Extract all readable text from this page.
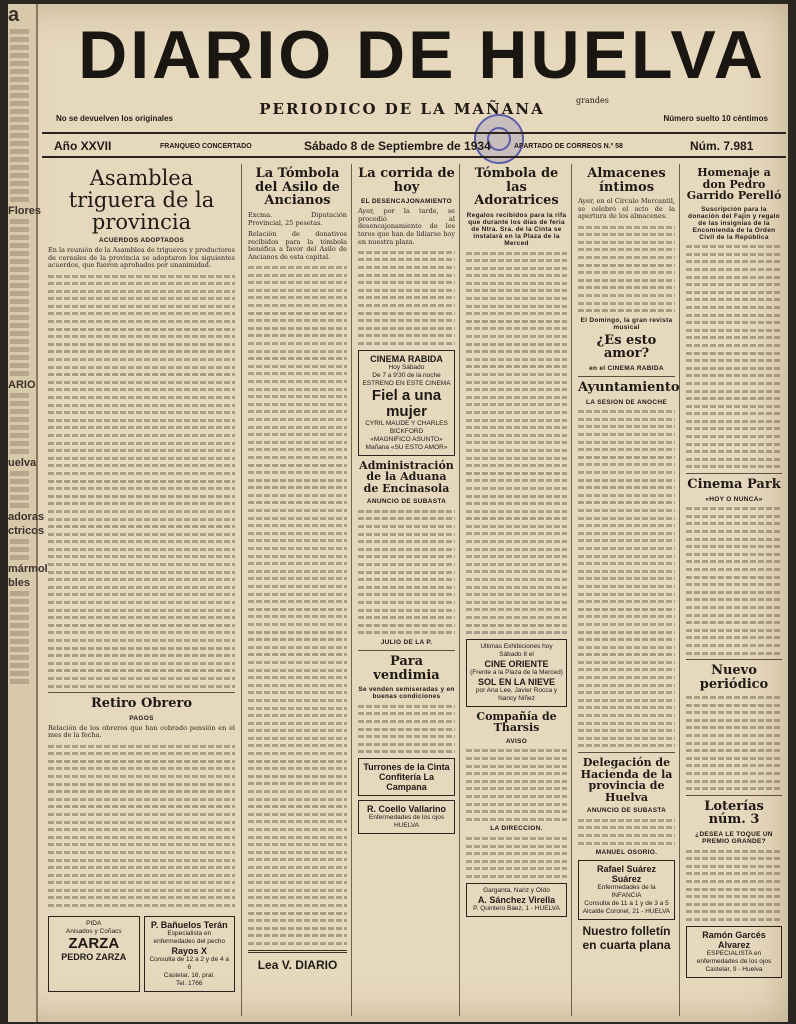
a
Flores
ARIO
uelva
adoras
ctricos
mármol
bles
DIARIO DE HUELVA
grandes
PERIODICO DE LA MAÑANA
No se devuelven los originales	Número suelto 10 céntimos
Año XXVII	FRANQUEO CONCERTADO	Sábado 8 de Septiembre de 1934	APARTADO DE CORREOS N.º 58	Núm. 7.981
Asamblea triguera de la provincia
ACUERDOS ADOPTADOS

En la reunión de la Asamblea de trigueros y productores de cereales de la provincia se adoptaron los siguientes acuerdos, que fueron aprobados por unanimidad.

Retiro Obrero
PAGOS

Relación de los obreros que han cobrado pensión en el mes de la fecha.

PIDA
Anisados y Coñacs
ZARZA
PEDRO ZARZA
P. Bañuelos Terán
Especialista en enfermedades del pecho
Rayos X
Consulta de 12 a 2 y de 4 a 6
Castelar, 16, pral.
Tel. 1766
La Tómbola del Asilo de Ancianos

Excma. Diputación Provincial, 25 pesetas.

Relación de donativos recibidos para la tómbola benéfica a favor del Asilo de Ancianos de esta capital.

Lea V. DIARIO
La corrida de hoy
EL DESENCAJONAMIENTO

Ayer, por la tarde, se procedió al desencajonamiento de los toros que han de lidiarse hoy en nuestra plaza.

CINEMA RABIDA
Hoy Sábado
De 7 a 9'30 de la noche
ESTRENO EN ESTE CINEMA
Fiel a una mujer
CYRIL MAUDE Y CHARLES BICKFORD
«MAGNIFICO ASUNTO»
Mañana «SU ESTO AMOR»
Administración de la Aduana de Encinasola
ANUNCIO DE SUBASTA
JULIO DE LA P.
Para vendimia
Se venden semiseradas y en buenas condiciones
Turrones de la Cinta
Confitería La Campana
R. Coello Vallarino
Enfermedades de los ojos
HUELVA
Tómbola de las Adoratrices
Regalos recibidos para la rifa que durante los días de feria de Ntra. Sra. de la Cinta se instalará en la Plaza de la Merced
Ultimas Exhibiciones hoy Sábado 8 el
CINE ORIENTE
(Frente a la Plaza de la Merced)
SOL EN LA NIEVE
por Ana Lee, Javier Rocca y Nancy Niñez
Compañía de Tharsis
AVISO
LA DIRECCION.
Garganta, Nariz y Oído
A. Sánchez Virella
P. Quintero Báez, 1 - HUELVA
Almacenes íntimos

Ayer, en el Círculo Mercantil, se celebró el acto de la apertura de los almacenes.

El Domingo, la gran revista musical
¿Es esto amor?
en el CINEMA RABIDA
Ayuntamiento
LA SESION DE ANOCHE
Delegación de Hacienda de la provincia de Huelva
ANUNCIO DE SUBASTA
MANUEL OSORIO.
Rafael Suárez Suárez
Enfermedades de la INFANCIA
Consulta de 11 a 1 y de 3 a 5
Alcalde Coronel, 21 - HUELVA
Nuestro folletín en cuarta plana
Homenaje a don Pedro Garrido Perelló
Suscripción para la donación del Fajín y regalo de las insignias de la Encomienda de la Orden Civil de la República
Cinema Park
«HOY O NUNCA»
Nuevo periódico
Loterías núm. 3
¿DESEA LE TOQUE UN PREMIO GRANDE?
Ramón Garcés Alvarez
ESPECIALISTA en enfermedades de los ojos
Castelar, 9 - Huelva
